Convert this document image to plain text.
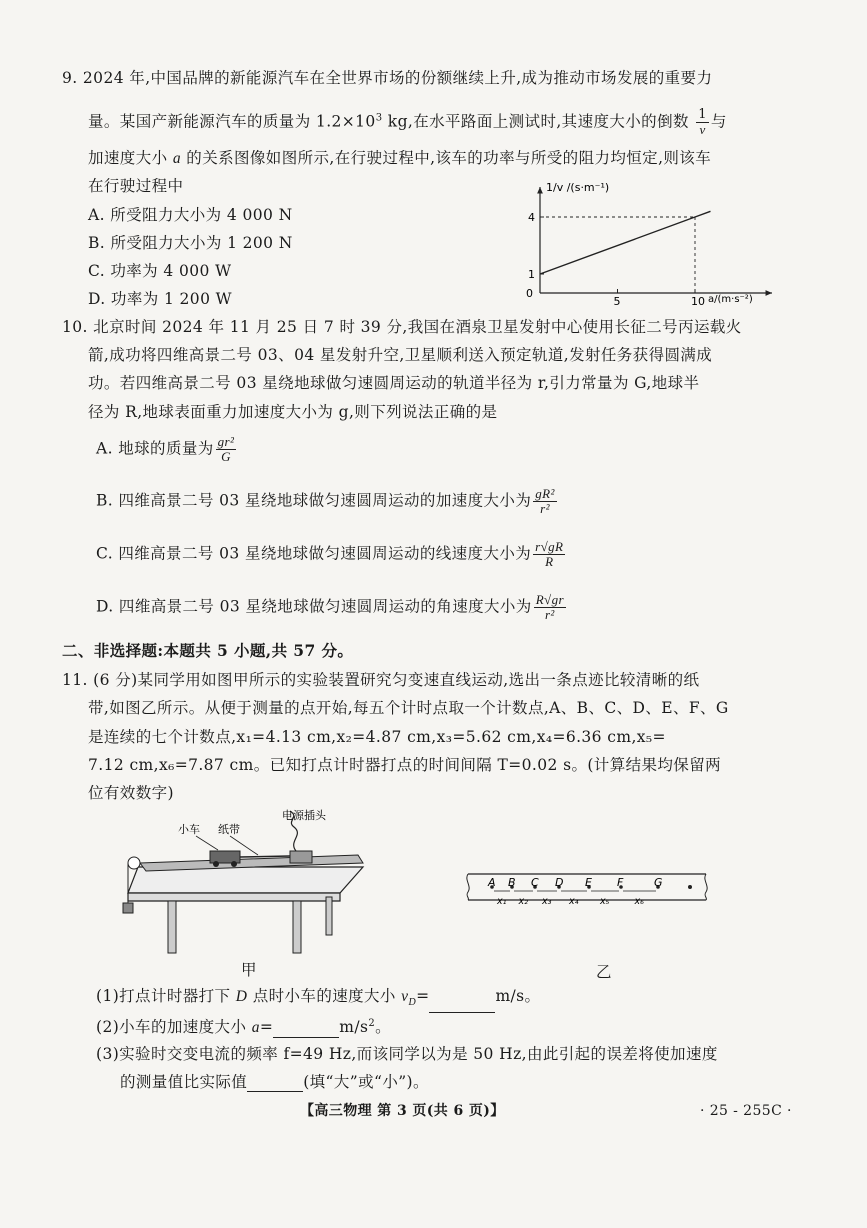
9. 2024 年,中国品牌的新能源汽车在全世界市场的份额继续上升,成为推动市场发展的重要力
量。某国产新能源汽车的质量为 $1.2\times 10^3$ kg,在水平路面上测试时,其速度大小的倒数 $\frac{1}{v}$ 与
加速度大小 a 的关系图像如图所示,在行驶过程中,该车的功率与所受的阻力均恒定,则该车
在行驶过程中
A. 所受阻力大小为 4 000 N
B. 所受阻力大小为 1 200 N
C. 功率为 4 000 W
D. 功率为 1 200 W
1/v /(s·m⁻¹)
a/(m·s⁻²)
0
5	10
1
4
10. 北京时间 2024 年 11 月 25 日 7 时 39 分,我国在酒泉卫星发射中心使用长征二号丙运载火
箭,成功将四维高景二号 03、04 星发射升空,卫星顺利送入预定轨道,发射任务获得圆满成
功。若四维高景二号 03 星绕地球做匀速圆周运动的轨道半径为 r,引力常量为 G,地球半
径为 R,地球表面重力加速度大小为 g,则下列说法正确的是
A. 地球的质量为 $\frac{\text{gr²}}{G}$
B. 四维高景二号 03 星绕地球做匀速圆周运动的加速度大小为 $\frac{\text{gR²}}{\text{r²}}$
C. 四维高景二号 03 星绕地球做匀速圆周运动的线速度大小为 $\frac{r√gR}{R}$
D. 四维高景二号 03 星绕地球做匀速圆周运动的角速度大小为 $\frac{R√gr}{\text{r²}}$
二、非选择题:本题共 5 小题,共 57 分。
11. (6 分)某同学用如图甲所示的实验装置研究匀变速直线运动,选出一条点迹比较清晰的纸
带,如图乙所示。从便于测量的点开始,每五个计时点取一个计数点,A、B、C、D、E、F、G
是连续的七个计数点,x₁=4.13 cm,x₂=4.87 cm,x₃=5.62 cm,x₄=6.36 cm,x₅=
7.12 cm,x₆=7.87 cm。已知打点计时器打点的时间间隔 T=0.02 s。(计算结果均保留两
位有效数字)
小车 纸带
电源插头
甲
A B C D E F	G
x₁ x₂ x₃ x₄ x₅	x₆
乙
(1)打点计时器打下 D 点时小车的速度大小 $v_D=$	m/s。
(2)小车的加速度大小 a=	$m/s^2$。
(3)实验时交变电流的频率 f=49 Hz,而该同学以为是 50 Hz,由此引起的误差将使加速度
的测量值比实际值	(填“大”或“小”)。
【高三物理 第 3 页(共 6 页)】	· 25 - 255C ·
